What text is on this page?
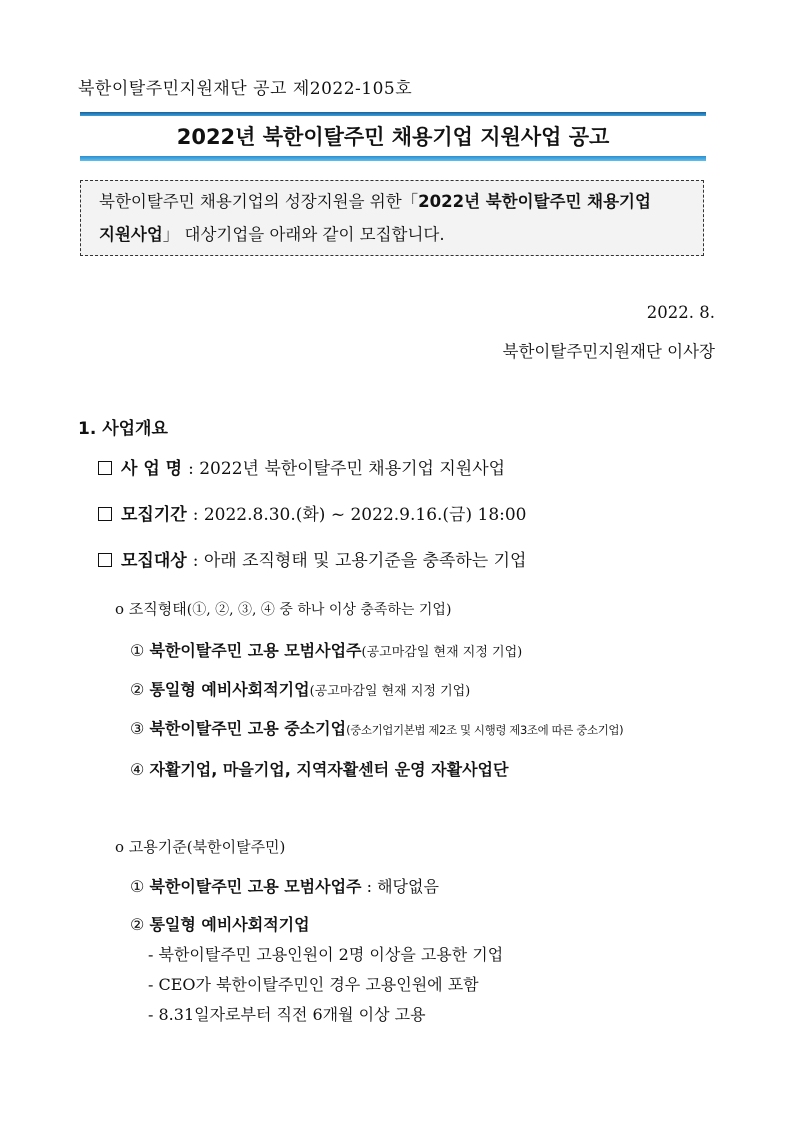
북한이탈주민지원재단 공고 제2022-105호
2022년 북한이탈주민 채용기업 지원사업 공고
북한이탈주민 채용기업의 성장지원을 위한「2022년 북한이탈주민 채용기업
지원사업」 대상기업을 아래와 같이 모집합니다.
2022. 8.
북한이탈주민지원재단 이사장
1. 사업개요
사 업 명 : 2022년 북한이탈주민 채용기업 지원사업
모집기간 : 2022.8.30.(화) ~ 2022.9.16.(금) 18:00
모집대상 : 아래 조직형태 및 고용기준을 충족하는 기업
o 조직형태(①, ②, ③, ④ 중 하나 이상 충족하는 기업)
① 북한이탈주민 고용 모범사업주(공고마감일 현재 지정 기업)
② 통일형 예비사회적기업(공고마감일 현재 지정 기업)
③ 북한이탈주민 고용 중소기업(중소기업기본법 제2조 및 시행령 제3조에 따른 중소기업)
④ 자활기업, 마을기업, 지역자활센터 운영 자활사업단
o 고용기준(북한이탈주민)
① 북한이탈주민 고용 모범사업주 : 해당없음
② 통일형 예비사회적기업
- 북한이탈주민 고용인원이 2명 이상을 고용한 기업
- CEO가 북한이탈주민인 경우 고용인원에 포함
- 8.31일자로부터 직전 6개월 이상 고용
